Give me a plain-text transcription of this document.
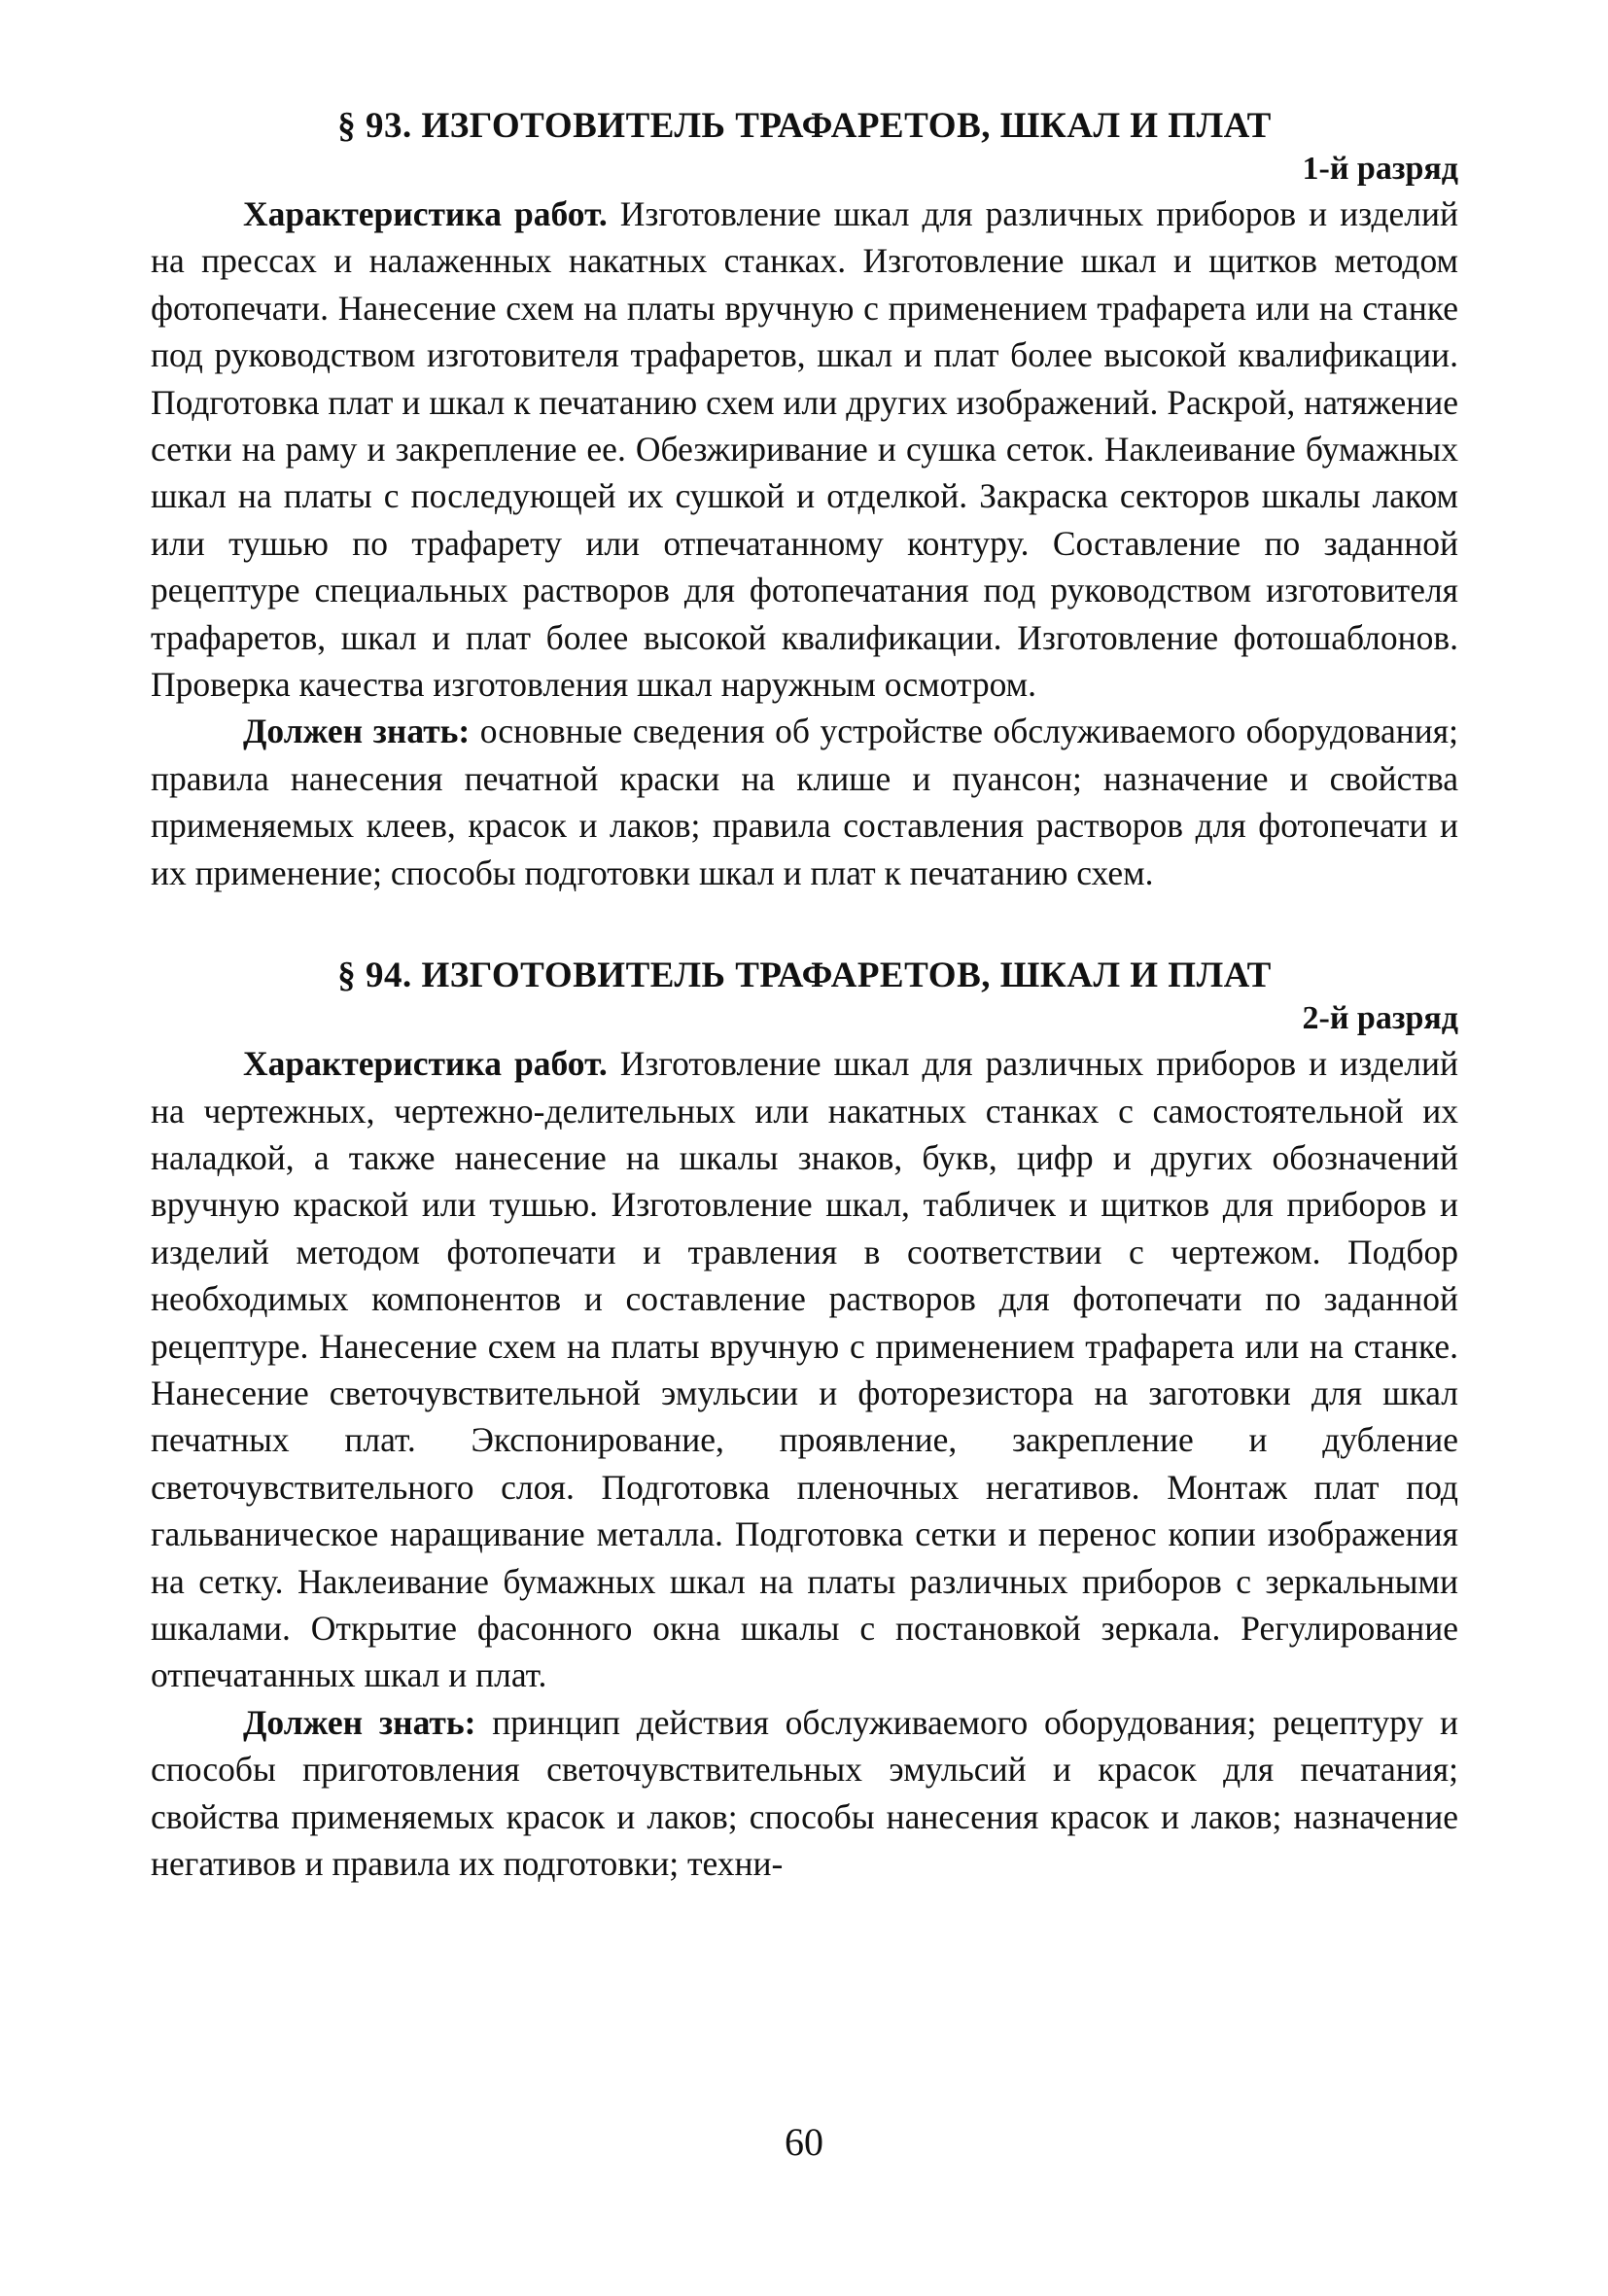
§ 93. ИЗГОТОВИТЕЛЬ ТРАФАРЕТОВ, ШКАЛ И ПЛАТ

1-й разряд

Характеристика работ. Изготовление шкал для различных приборов и изделий на прессах и налаженных накатных станках. Изготовление шкал и щитков методом фотопечати. Нанесение схем на платы вручную с применением трафарета или на станке под руководством изготовителя трафаретов, шкал и плат более высокой квалификации. Подготовка плат и шкал к печатанию схем или других изображений. Раскрой, натяжение сетки на раму и закрепление ее. Обезжиривание и сушка сеток. Наклеивание бумажных шкал на платы с последующей их сушкой и отделкой. Закраска секторов шкалы лаком или тушью по трафарету или отпечатанному контуру. Составление по заданной рецептуре специальных растворов для фотопечатания под руководством изготовителя трафаретов, шкал и плат более высокой квалификации. Изготовление фотошаблонов. Проверка качества изготовления шкал наружным осмотром.

Должен знать: основные сведения об устройстве обслуживаемого оборудования; правила нанесения печатной краски на клише и пуансон; назначение и свойства применяемых клеев, красок и лаков; правила составления растворов для фотопечати и их применение; способы подготовки шкал и плат к печатанию схем.

§ 94. ИЗГОТОВИТЕЛЬ ТРАФАРЕТОВ, ШКАЛ И ПЛАТ

2-й разряд

Характеристика работ. Изготовление шкал для различных приборов и изделий на чертежных, чертежно-делительных или накатных станках с самостоятельной их наладкой, а также нанесение на шкалы знаков, букв, цифр и других обозначений вручную краской или тушью. Изготовление шкал, табличек и щитков для приборов и изделий методом фотопечати и травления в соответствии с чертежом. Подбор необходимых компонентов и составление растворов для фотопечати по заданной рецептуре. Нанесение схем на платы вручную с применением трафарета или на станке. Нанесение светочувствительной эмульсии и фоторезистора на заготовки для шкал печатных плат. Экспонирование, проявление, закрепление и дубление светочувствительного слоя. Подготовка пленочных негативов. Монтаж плат под гальваническое наращивание металла. Подготовка сетки и перенос копии изображения на сетку. Наклеивание бумажных шкал на платы различных приборов с зеркальными шкалами. Открытие фасонного окна шкалы с постановкой зеркала. Регулирование отпечатанных шкал и плат.

Должен знать: принцип действия обслуживаемого оборудования; рецептуру и способы приготовления светочувствительных эмульсий и красок для печатания; свойства применяемых красок и лаков; способы нанесения красок и лаков; назначение негативов и правила их подготовки; техни-

60
